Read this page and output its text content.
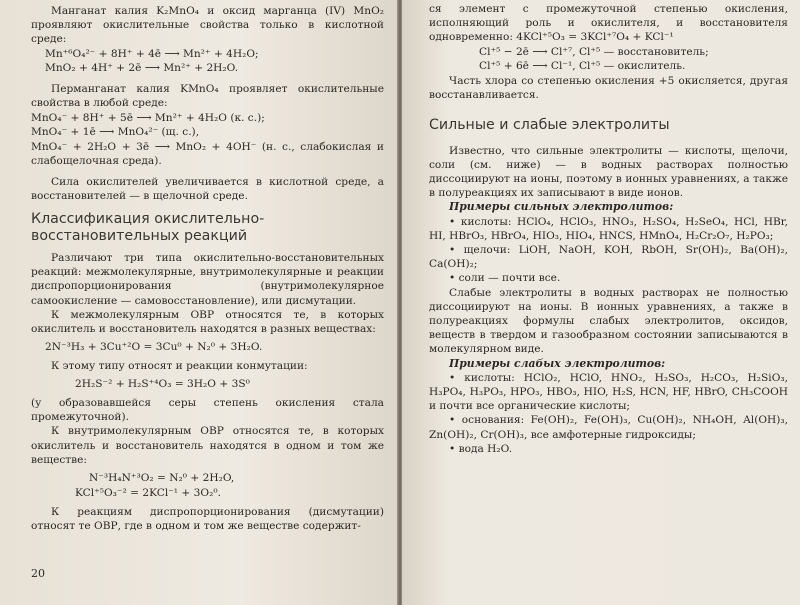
Манганат калия K₂MnO₄ и оксид марганца (IV) MnO₂ проявляют окислительные свойства только в кислотной среде:

Mn⁺⁶O₄²⁻ + 8H⁺ + 4ē ⟶ Mn²⁺ + 4H₂O;
MnO₂ + 4H⁺ + 2ē ⟶ Mn²⁺ + 2H₂O.

Перманганат калия KMnO₄ проявляет окислительные свойства в любой среде:

MnO₄⁻ + 8H⁺ + 5ē ⟶ Mn²⁺ + 4H₂O (к. с.);
MnO₄⁻ + 1ē ⟶ MnO₄²⁻ (щ. с.),

MnO₄⁻ + 2H₂O + 3ē ⟶ MnO₂ + 4OH⁻ (н. с., слабокислая и слабощелочная среда).

Сила окислителей увеличивается в кислотной среде, а восстановителей — в щелочной среде.

Классификация окислительно-восстановительных реакций

Различают три типа окислительно-восстановительных реакций: межмолекулярные, внутримолекулярные и реакции диспропорционирования (внутримолекулярное самоокисление — самовосстановление), или дисмутации.

К межмолекулярным ОВР относятся те, в которых окислитель и восстановитель находятся в разных веществах:

2N⁻³H₃ + 3Cu⁺²O = 3Cu⁰ + N₂⁰ + 3H₂O.

К этому типу относят и реакции конмутации:

2H₂S⁻² + H₂S⁺⁴O₃ = 3H₂O + 3S⁰

(у образовавшейся серы степень окисления стала промежуточной).

К внутримолекулярным ОВР относятся те, в которых окислитель и восстановитель находятся в одном и том же веществе:

N⁻³H₄N⁺³O₂ = N₂⁰ + 2H₂O,
KCl⁺⁵O₃⁻² = 2KCl⁻¹ + 3O₂⁰.

К реакциям диспропорционирования (дисмутации) относят те ОВР, где в одном и том же веществе содержит-

20

ся элемент с промежуточной степенью окисления, исполняющий роль и окислителя, и восстановителя одновременно: 4KCl⁺⁵O₃ = 3KCl⁺⁷O₄ + KCl⁻¹

Cl⁺⁵ − 2ē ⟶ Cl⁺⁷, Cl⁺⁵ — восстановитель;
Cl⁺⁵ + 6ē ⟶ Cl⁻¹, Cl⁺⁵ — окислитель.

Часть хлора со степенью окисления +5 окисляется, другая восстанавливается.

Сильные и слабые электролиты

Известно, что сильные электролиты — кислоты, щелочи, соли (см. ниже) — в водных растворах полностью диссоциируют на ионы, поэтому в ионных уравнениях, а также в полуреакциях их записывают в виде ионов.

Примеры сильных электролитов:

• кислоты: HClO₄, HClO₃, HNO₃, H₂SO₄, H₂SeO₄, HCl, HBr, HI, HBrO₃, HBrO₄, HIO₃, HIO₄, HNCS, HMnO₄, H₂Cr₂O₇, H₂PO₃;

• щелочи: LiOH, NaOH, KOH, RbOH, Sr(OH)₂, Ba(OH)₂, Ca(OH)₂;

• соли — почти все.

Слабые электролиты в водных растворах не полностью диссоциируют на ионы. В ионных уравнениях, а также в полуреакциях формулы слабых электролитов, оксидов, веществ в твердом и газообразном состоянии записываются в молекулярном виде.

Примеры слабых электролитов:

• кислоты: HClO₂, HClO, HNO₂, H₂SO₃, H₂CO₃, H₂SiO₃, H₃PO₄, H₃PO₃, HPO₃, HBO₃, HIO, H₂S, HCN, HF, HBrO, CH₃COOH и почти все органические кислоты;

• основания: Fe(OH)₂, Fe(OH)₃, Cu(OH)₂, NH₄OH, Al(OH)₃, Zn(OH)₂, Cr(OH)₃, все амфотерные гидроксиды;

• вода H₂O.
